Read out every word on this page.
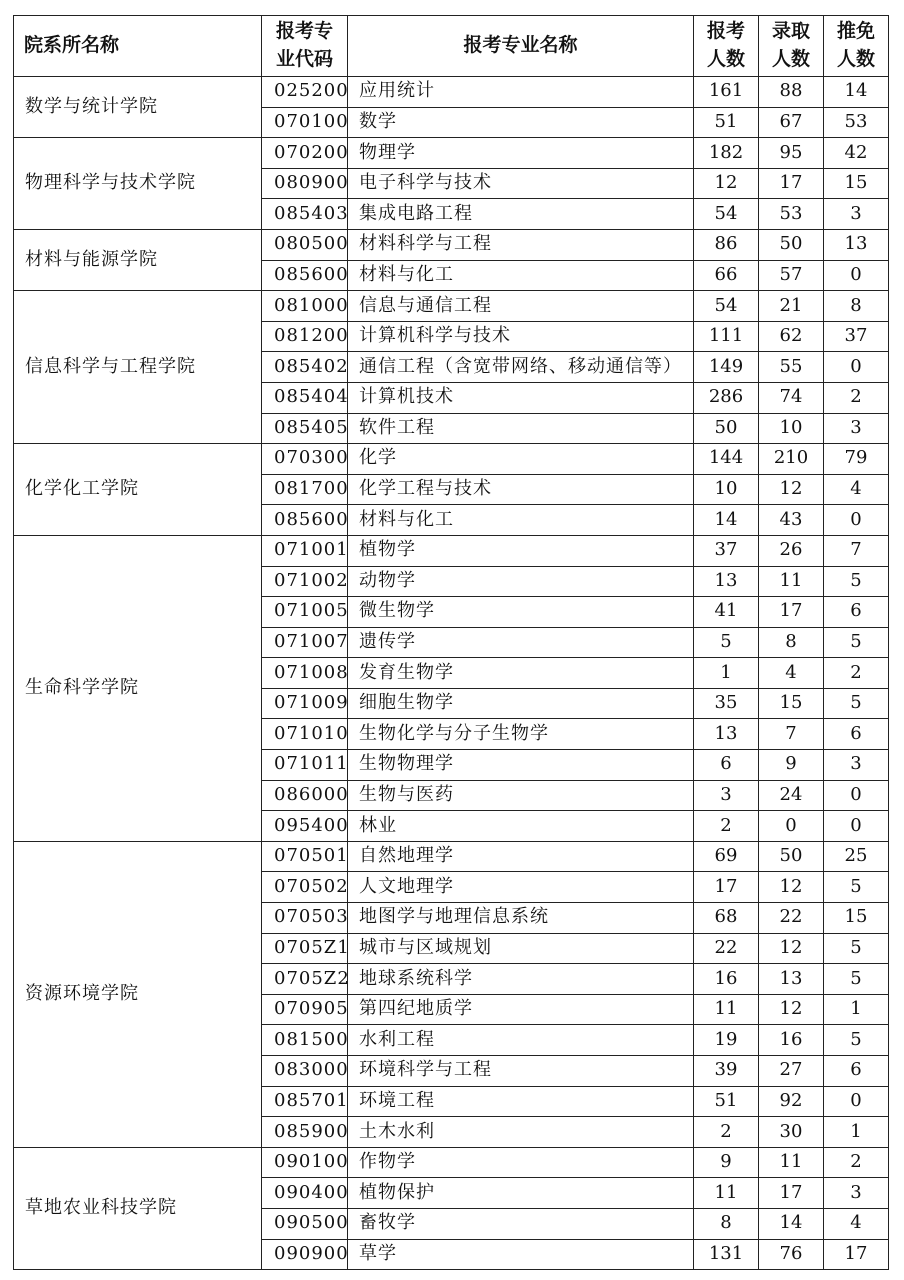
院系所名称	报考专业代码	报考专业名称	报考人数	录取人数	推免人数
数学与统计学院	025200	应用统计	161	88	14
	070100	数学	51	67	53
物理科学与技术学院	070200	物理学	182	95	42
	080900	电子科学与技术	12	17	15
	085403	集成电路工程	54	53	3
材料与能源学院	080500	材料科学与工程	86	50	13
	085600	材料与化工	66	57	0
信息科学与工程学院	081000	信息与通信工程	54	21	8
	081200	计算机科学与技术	111	62	37
	085402	通信工程（含宽带网络、移动通信等）	149	55	0
	085404	计算机技术	286	74	2
	085405	软件工程	50	10	3
化学化工学院	070300	化学	144	210	79
	081700	化学工程与技术	10	12	4
	085600	材料与化工	14	43	0
生命科学学院	071001	植物学	37	26	7
	071002	动物学	13	11	5
	071005	微生物学	41	17	6
	071007	遗传学	5	8	5
	071008	发育生物学	1	4	2
	071009	细胞生物学	35	15	5
	071010	生物化学与分子生物学	13	7	6
	071011	生物物理学	6	9	3
	086000	生物与医药	3	24	0
	095400	林业	2	0	0
资源环境学院	070501	自然地理学	69	50	25
	070502	人文地理学	17	12	5
	070503	地图学与地理信息系统	68	22	15
	0705Z1	城市与区域规划	22	12	5
	0705Z2	地球系统科学	16	13	5
	070905	第四纪地质学	11	12	1
	081500	水利工程	19	16	5
	083000	环境科学与工程	39	27	6
	085701	环境工程	51	92	0
	085900	土木水利	2	30	1
草地农业科技学院	090100	作物学	9	11	2
	090400	植物保护	11	17	3
	090500	畜牧学	8	14	4
	090900	草学	131	76	17
